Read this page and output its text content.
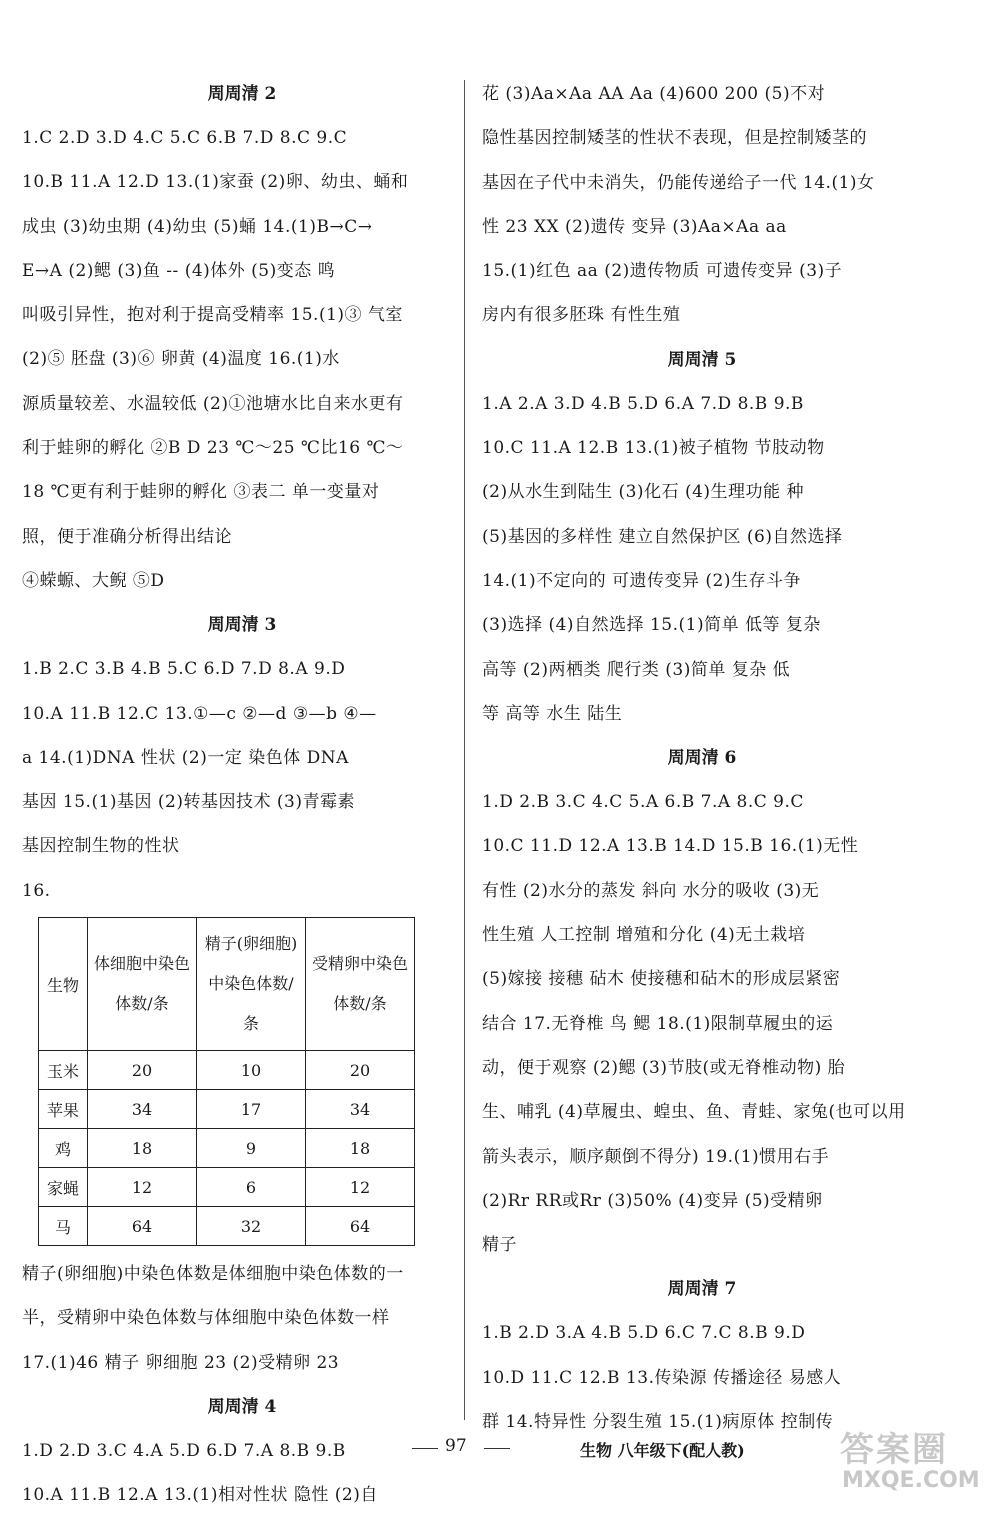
周周清 2
1.C 2.D 3.D 4.C 5.C 6.B 7.D 8.C 9.C
10.B 11.A 12.D 13.(1)家蚕 (2)卵、幼虫、蛹和
成虫 (3)幼虫期 (4)幼虫 (5)蛹 14.(1)B→C→
E→A (2)鳃 (3)鱼 -- (4)体外 (5)变态 鸣
叫吸引异性，抱对利于提高受精率 15.(1)③ 气室
(2)⑤ 胚盘 (3)⑥ 卵黄 (4)温度 16.(1)水
源质量较差、水温较低 (2)①池塘水比自来水更有
利于蛙卵的孵化 ②B D 23 ℃～25 ℃比16 ℃～
18 ℃更有利于蛙卵的孵化 ③表二 单一变量对
照，便于准确分析得出结论
④蝾螈、大鲵 ⑤D
周周清 3
1.B 2.C 3.B 4.B 5.C 6.D 7.D 8.A 9.D
10.A 11.B 12.C 13.①—c ②—d ③—b ④—
a 14.(1)DNA 性状 (2)一定 染色体 DNA
基因 15.(1)基因 (2)转基因技术 (3)青霉素
基因控制生物的性状
16.
生物	体细胞中染色体数/条	精子(卵细胞)中染色体数/条	受精卵中染色体数/条
玉米	20	10	20
苹果	34	17	34
鸡	18	9	18
家蝇	12	6	12
马	64	32	64
精子(卵细胞)中染色体数是体细胞中染色体数的一
半，受精卵中染色体数与体细胞中染色体数一样
17.(1)46 精子 卵细胞 23 (2)受精卵 23
周周清 4
1.D 2.D 3.C 4.A 5.D 6.D 7.A 8.B 9.B
10.A 11.B 12.A 13.(1)相对性状 隐性 (2)自
花 (3)Aa×Aa AA Aa (4)600 200 (5)不对
隐性基因控制矮茎的性状不表现，但是控制矮茎的
基因在子代中未消失，仍能传递给子一代 14.(1)女
性 23 XX (2)遗传 变异 (3)Aa×Aa aa
15.(1)红色 aa (2)遗传物质 可遗传变异 (3)子
房内有很多胚珠 有性生殖
周周清 5
1.A 2.A 3.D 4.B 5.D 6.A 7.D 8.B 9.B
10.C 11.A 12.B 13.(1)被子植物 节肢动物
(2)从水生到陆生 (3)化石 (4)生理功能 种
(5)基因的多样性 建立自然保护区 (6)自然选择
14.(1)不定向的 可遗传变异 (2)生存斗争
(3)选择 (4)自然选择 15.(1)简单 低等 复杂
高等 (2)两栖类 爬行类 (3)简单 复杂 低
等 高等 水生 陆生
周周清 6
1.D 2.B 3.C 4.C 5.A 6.B 7.A 8.C 9.C
10.C 11.D 12.A 13.B 14.D 15.B 16.(1)无性
有性 (2)水分的蒸发 斜向 水分的吸收 (3)无
性生殖 人工控制 增殖和分化 (4)无土栽培
(5)嫁接 接穗 砧木 使接穗和砧木的形成层紧密
结合 17.无脊椎 鸟 鳃 18.(1)限制草履虫的运
动，便于观察 (2)鳃 (3)节肢(或无脊椎动物) 胎
生、哺乳 (4)草履虫、蝗虫、鱼、青蛙、家兔(也可以用
箭头表示，顺序颠倒不得分) 19.(1)惯用右手
(2)Rr RR或Rr (3)50% (4)变异 (5)受精卵
精子
周周清 7
1.B 2.D 3.A 4.B 5.D 6.C 7.C 8.B 9.D
10.D 11.C 12.B 13.传染源 传播途径 易感人
群 14.特异性 分裂生殖 15.(1)病原体 控制传
97	生物 八年级下(配人教)	答案圈
MXQE.COM
